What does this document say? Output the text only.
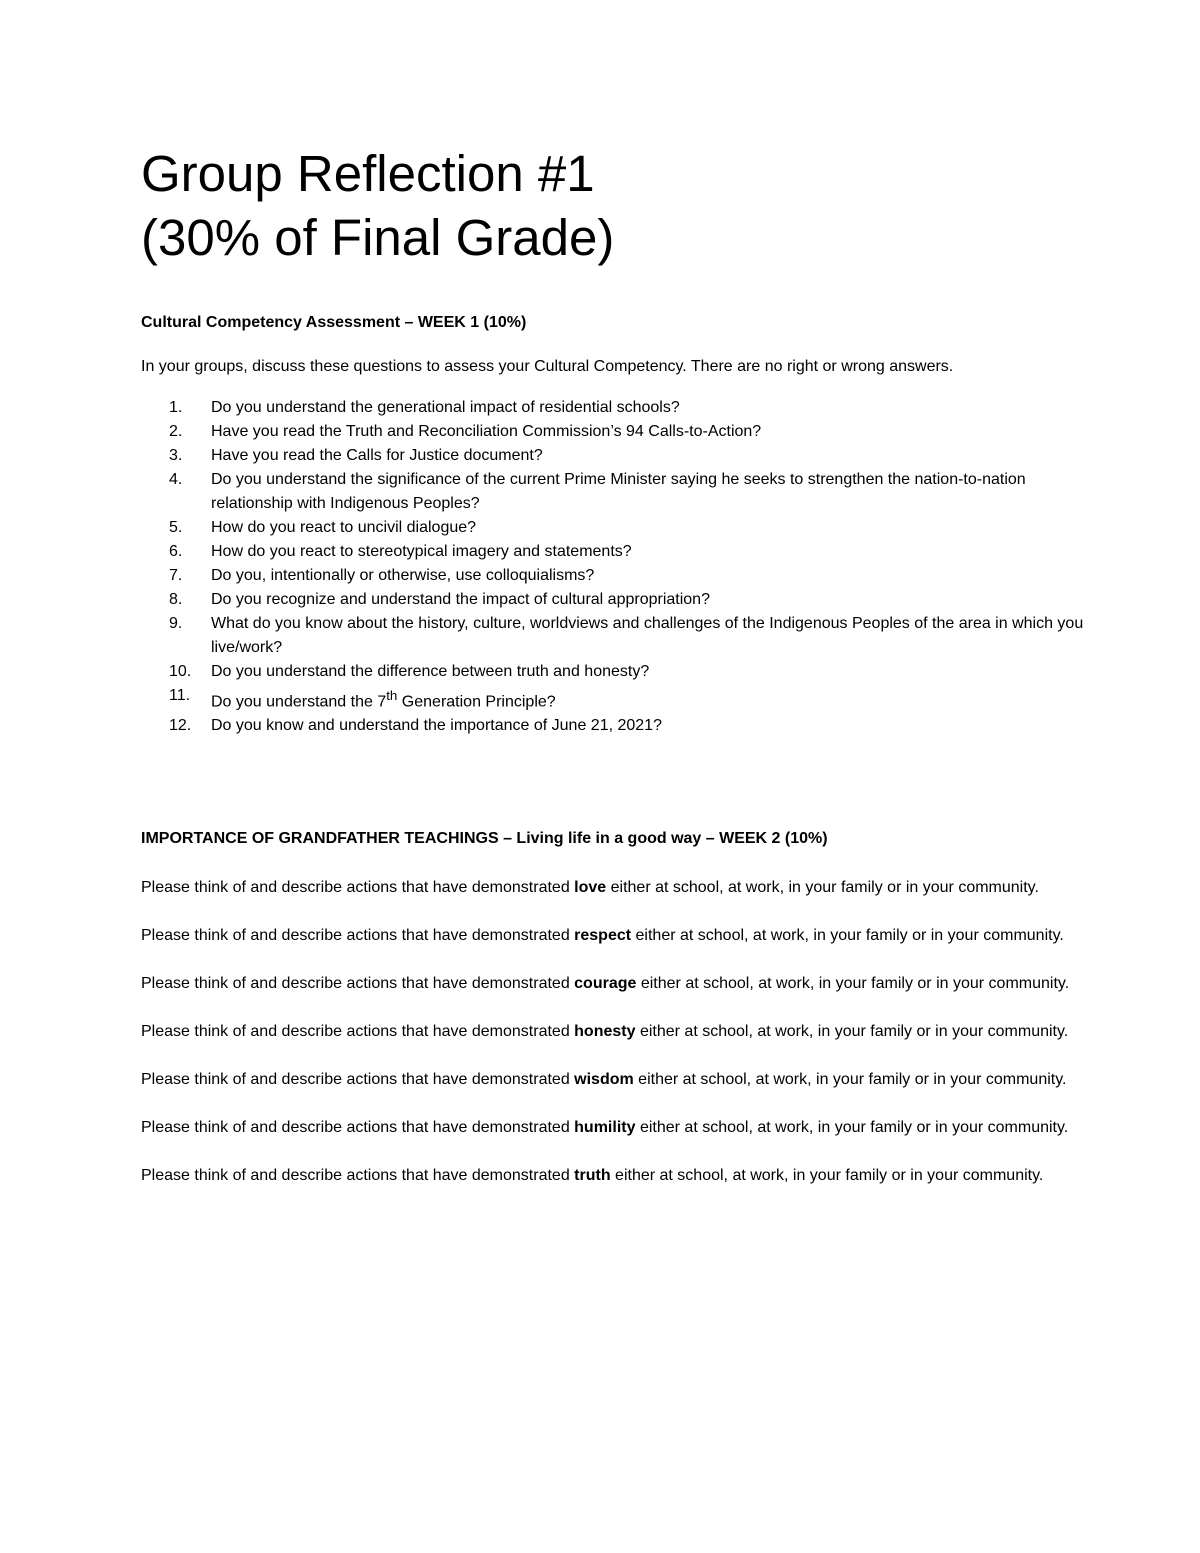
Group Reflection #1
(30% of Final Grade)

Cultural Competency Assessment – WEEK 1 (10%)

In your groups, discuss these questions to assess your Cultural Competency. There are no right or wrong answers.

1.	Do you understand the generational impact of residential schools?
2.	Have you read the Truth and Reconciliation Commission’s 94 Calls-to-Action?
3.	Have you read the Calls for Justice document?
4.	Do you understand the significance of the current Prime Minister saying he seeks to strengthen the nation-to-nation relationship with Indigenous Peoples?
5.	How do you react to uncivil dialogue?
6.	How do you react to stereotypical imagery and statements?
7.	Do you, intentionally or otherwise, use colloquialisms?
8.	Do you recognize and understand the impact of cultural appropriation?
9.	What do you know about the history, culture, worldviews and challenges of the Indigenous Peoples of the area in which you live/work?
10.	Do you understand the difference between truth and honesty?
11.	Do you understand the 7th Generation Principle?
12.	Do you know and understand the importance of June 21, 2021?

IMPORTANCE OF GRANDFATHER TEACHINGS – Living life in a good way – WEEK 2 (10%)

Please think of and describe actions that have demonstrated love either at school, at work, in your family or in your community.

Please think of and describe actions that have demonstrated respect either at school, at work, in your family or in your community.

Please think of and describe actions that have demonstrated courage either at school, at work, in your family or in your community.

Please think of and describe actions that have demonstrated honesty either at school, at work, in your family or in your community.

Please think of and describe actions that have demonstrated wisdom either at school, at work, in your family or in your community.

Please think of and describe actions that have demonstrated humility either at school, at work, in your family or in your community.

Please think of and describe actions that have demonstrated truth either at school, at work, in your family or in your community.
